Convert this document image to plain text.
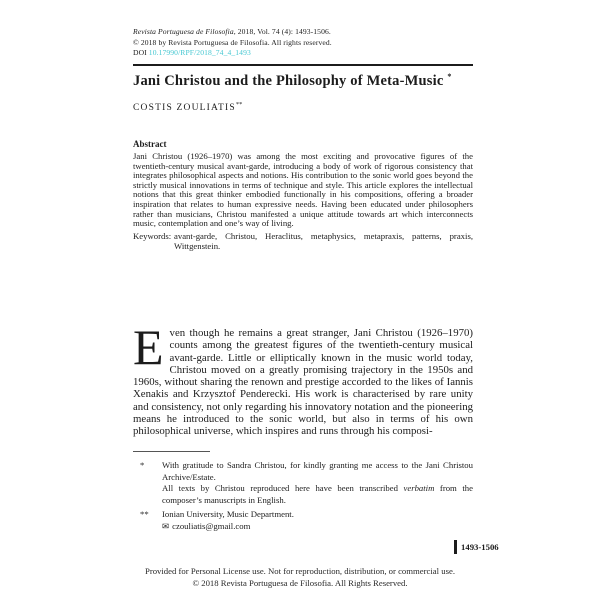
Revista Portuguesa de Filosofia, 2018, Vol. 74 (4): 1493-1506.
© 2018 by Revista Portuguesa de Filosofia. All rights reserved.
DOI 10.17990/RPF/2018_74_4_1493
Jani Christou and the Philosophy of Meta-Music *
COSTIS ZOULIATIS**
Abstract
Jani Christou (1926–1970) was among the most exciting and provocative figures of the twentieth-century musical avant-garde, introducing a body of work of rigorous consistency that integrates philosophical aspects and notions. His contribution to the sonic world goes beyond the strictly musical innovations in terms of technique and style. This article explores the intellectual notions that this great thinker embodied functionally in his compositions, offering a broader inspiration that relates to human expressive needs. Having been educated under philosophers rather than musicians, Christou manifested a unique attitude towards art which interconnects music, contemplation and one’s way of living.
Keywords: avant-garde, Christou, Heraclitus, metaphysics, metapraxis, patterns, praxis, Wittgenstein.
Even though he remains a great stranger, Jani Christou (1926–1970) counts among the greatest figures of the twentieth-century musical avant-garde. Little or elliptically known in the music world today, Christou moved on a greatly promising trajectory in the 1950s and 1960s, without sharing the renown and prestige accorded to the likes of Iannis Xenakis and Krzysztof Penderecki. His work is characterised by rare unity and consistency, not only regarding his innovatory notation and the pioneering means he introduced to the sonic world, but also in terms of his own philosophical universe, which inspires and runs through his composi-
*	With gratitude to Sandra Christou, for kindly granting me access to the Jani Christou Archive/Estate.

All texts by Christou reproduced here have been transcribed verbatim from the composer’s manuscripts in English.

**	Ionian University, Music Department.

✉ czouliatis@gmail.com

1493-1506
Provided for Personal License use. Not for reproduction, distribution, or commercial use.
© 2018 Revista Portuguesa de Filosofia. All Rights Reserved.
